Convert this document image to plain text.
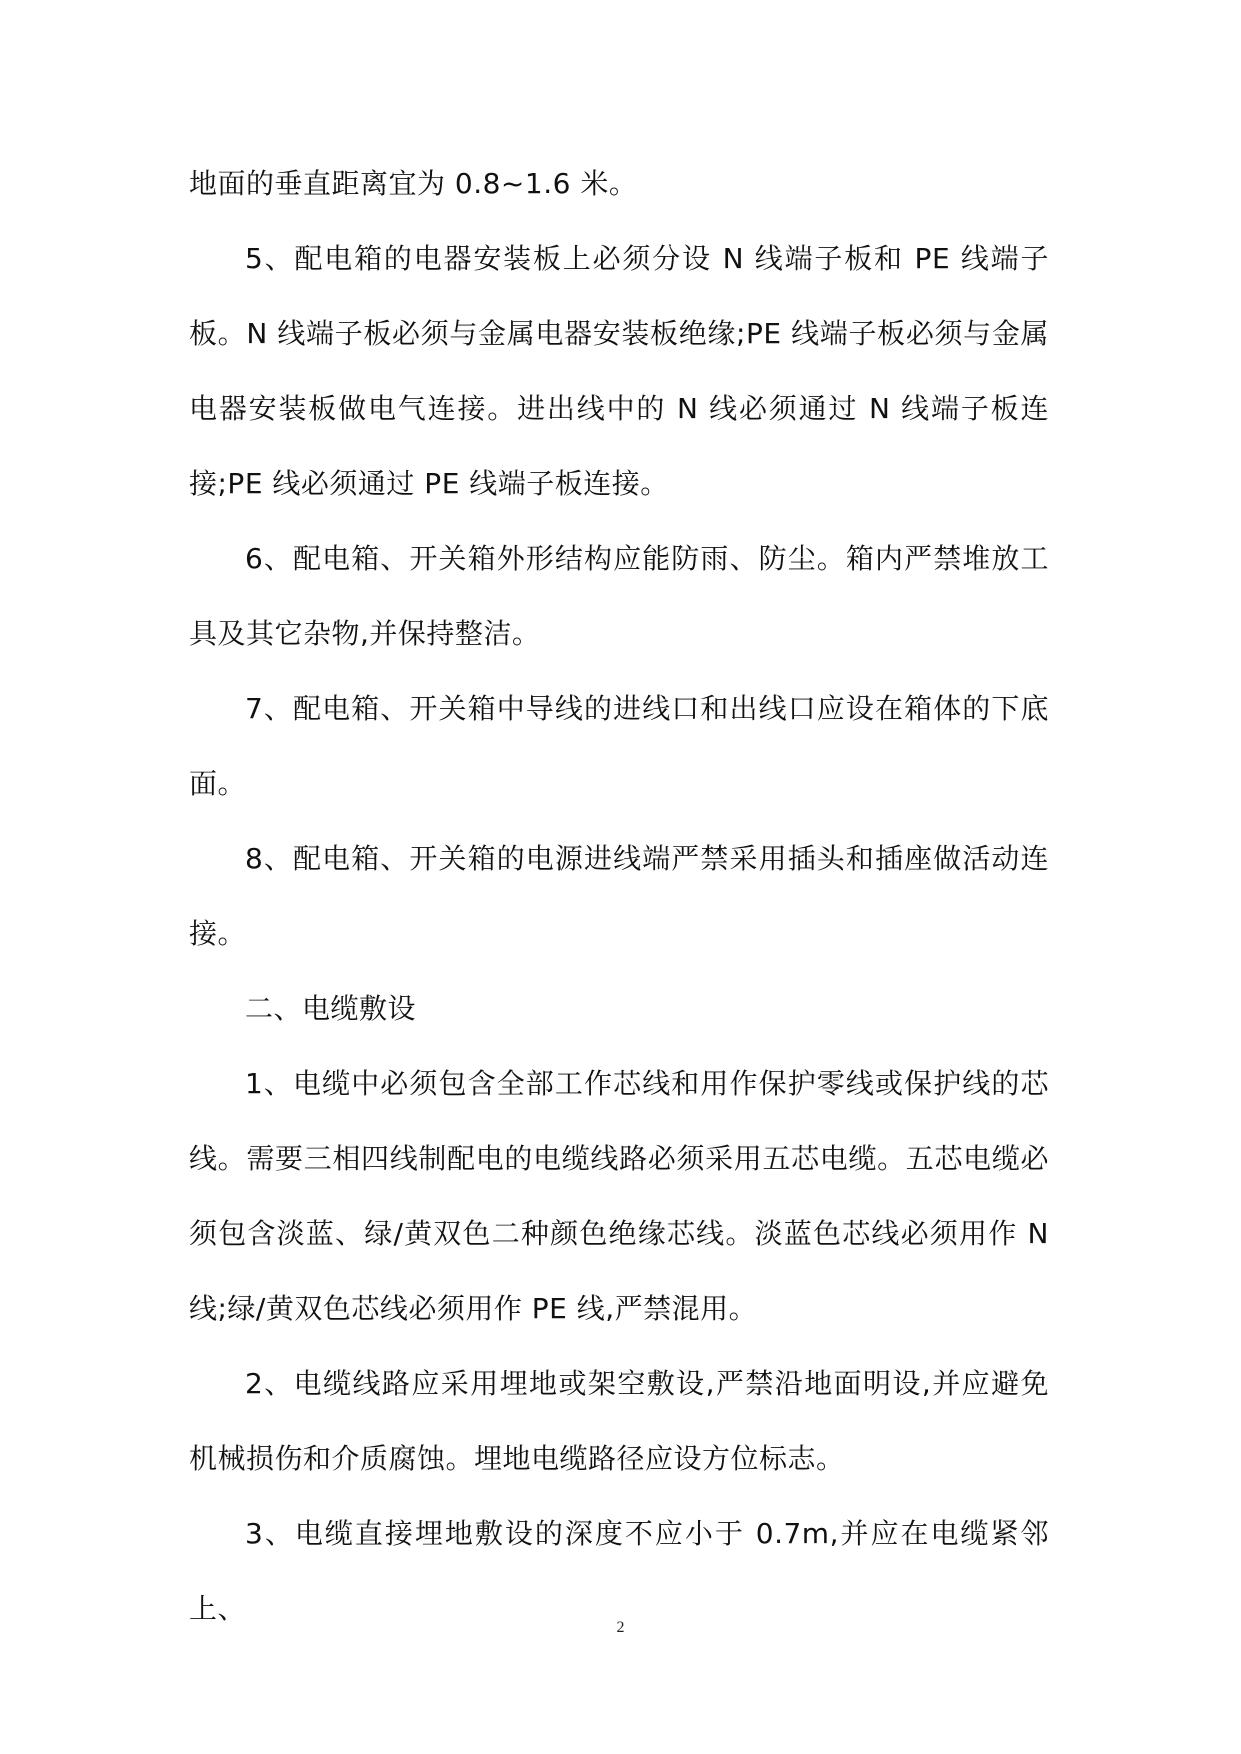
地面的垂直距离宜为 0.8~1.6 米。

5、配电箱的电器安装板上必须分设 N 线端子板和 PE 线端子板。N 线端子板必须与金属电器安装板绝缘;PE 线端子板必须与金属电器安装板做电气连接。进出线中的 N 线必须通过 N 线端子板连接;PE 线必须通过 PE 线端子板连接。

6、配电箱、开关箱外形结构应能防雨、防尘。箱内严禁堆放工具及其它杂物,并保持整洁。

7、配电箱、开关箱中导线的进线口和出线口应设在箱体的下底面。

8、配电箱、开关箱的电源进线端严禁采用插头和插座做活动连接。

二、电缆敷设

1、电缆中必须包含全部工作芯线和用作保护零线或保护线的芯线。需要三相四线制配电的电缆线路必须采用五芯电缆。五芯电缆必须包含淡蓝、绿/黄双色二种颜色绝缘芯线。淡蓝色芯线必须用作 N 线;绿/黄双色芯线必须用作 PE 线,严禁混用。

2、电缆线路应采用埋地或架空敷设,严禁沿地面明设,并应避免机械损伤和介质腐蚀。埋地电缆路径应设方位标志。

3、电缆直接埋地敷设的深度不应小于 0.7m,并应在电缆紧邻上、

2
